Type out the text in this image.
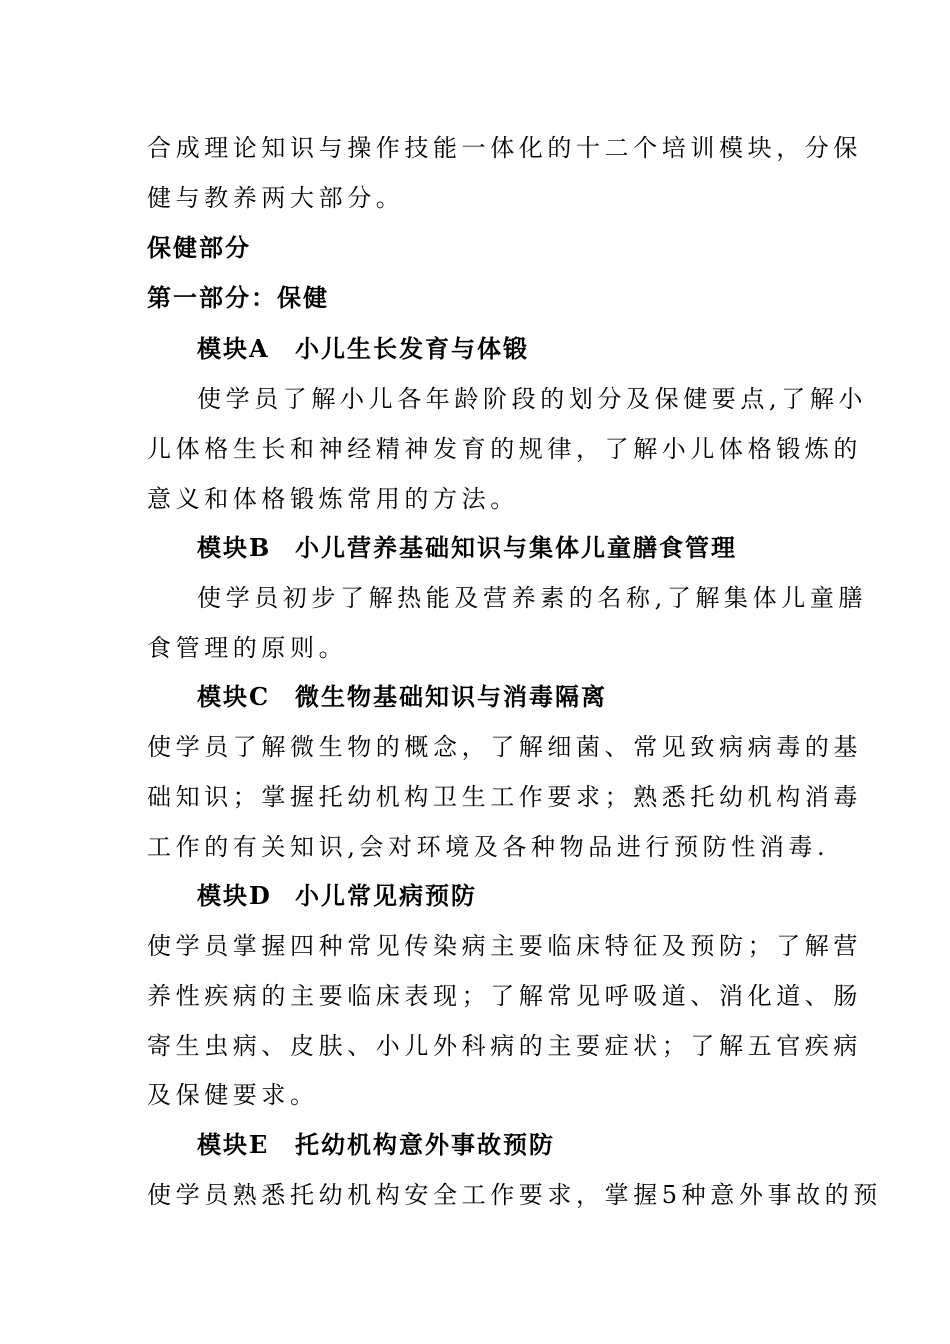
合成理论知识与操作技能一体化的十二个培训模块，分保
健与教养两大部分。
保健部分
第一部分：保健
模块A 小儿生长发育与体锻
使学员了解小儿各年龄阶段的划分及保健要点,了解小
儿体格生长和神经精神发育的规律，了解小儿体格锻炼的
意义和体格锻炼常用的方法。
模块B 小儿营养基础知识与集体儿童膳食管理
使学员初步了解热能及营养素的名称,了解集体儿童膳
食管理的原则。
模块C 微生物基础知识与消毒隔离
使学员了解微生物的概念，了解细菌、常见致病病毒的基
础知识；掌握托幼机构卫生工作要求；熟悉托幼机构消毒
工作的有关知识,会对环境及各种物品进行预防性消毒.
模块D 小儿常见病预防
使学员掌握四种常见传染病主要临床特征及预防；了解营
养性疾病的主要临床表现；了解常见呼吸道、消化道、肠
寄生虫病、皮肤、小儿外科病的主要症状；了解五官疾病
及保健要求。
模块E 托幼机构意外事故预防
使学员熟悉托幼机构安全工作要求，掌握5种意外事故的预
